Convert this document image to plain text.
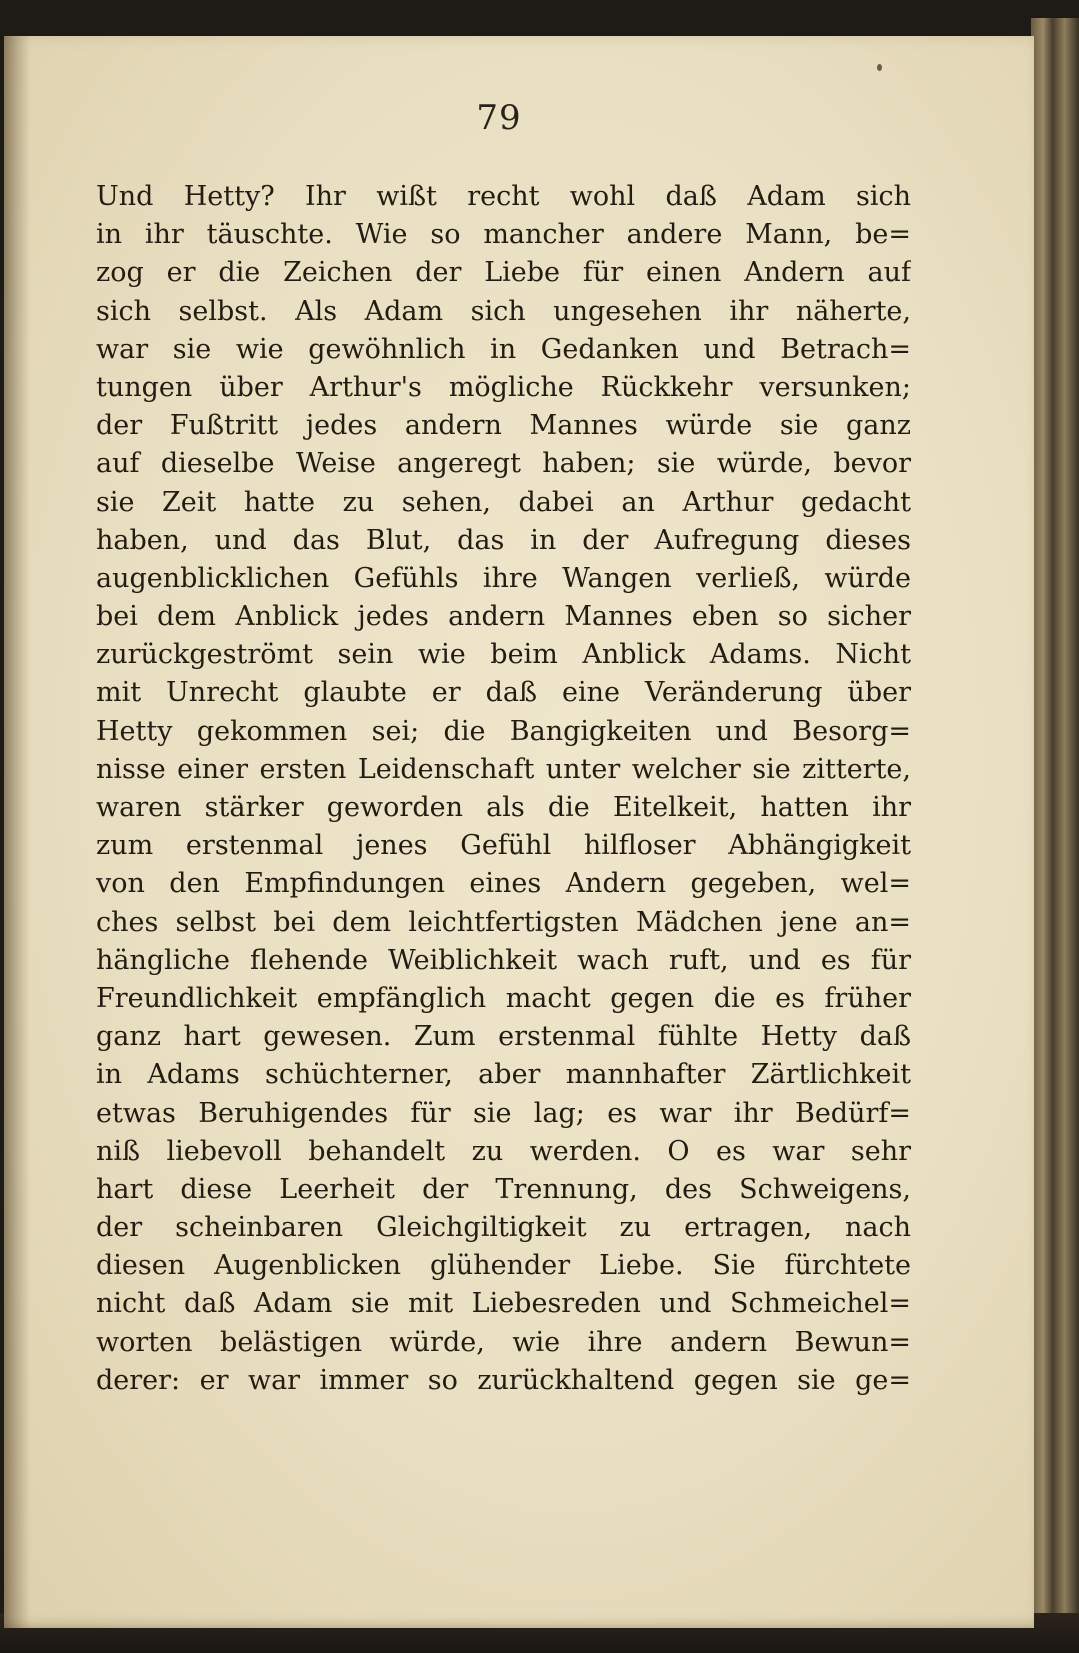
79
Und Hetty? Ihr wißt recht wohl daß Adam sich
in ihr täuschte. Wie so mancher andere Mann, be=
zog er die Zeichen der Liebe für einen Andern auf
sich selbst. Als Adam sich ungesehen ihr näherte,
war sie wie gewöhnlich in Gedanken und Betrach=
tungen über Arthur's mögliche Rückkehr versunken;
der Fußtritt jedes andern Mannes würde sie ganz
auf dieselbe Weise angeregt haben; sie würde, bevor
sie Zeit hatte zu sehen, dabei an Arthur gedacht
haben, und das Blut, das in der Aufregung dieses
augenblicklichen Gefühls ihre Wangen verließ, würde
bei dem Anblick jedes andern Mannes eben so sicher
zurückgeströmt sein wie beim Anblick Adams. Nicht
mit Unrecht glaubte er daß eine Veränderung über
Hetty gekommen sei; die Bangigkeiten und Besorg=
nisse einer ersten Leidenschaft unter welcher sie zitterte,
waren stärker geworden als die Eitelkeit, hatten ihr
zum erstenmal jenes Gefühl hilfloser Abhängigkeit
von den Empfindungen eines Andern gegeben, wel=
ches selbst bei dem leichtfertigsten Mädchen jene an=
hängliche flehende Weiblichkeit wach ruft, und es für
Freundlichkeit empfänglich macht gegen die es früher
ganz hart gewesen. Zum erstenmal fühlte Hetty daß
in Adams schüchterner, aber mannhafter Zärtlichkeit
etwas Beruhigendes für sie lag; es war ihr Bedürf=
niß liebevoll behandelt zu werden. O es war sehr
hart diese Leerheit der Trennung, des Schweigens,
der scheinbaren Gleichgiltigkeit zu ertragen, nach
diesen Augenblicken glühender Liebe. Sie fürchtete
nicht daß Adam sie mit Liebesreden und Schmeichel=
worten belästigen würde, wie ihre andern Bewun=
derer: er war immer so zurückhaltend gegen sie ge=
